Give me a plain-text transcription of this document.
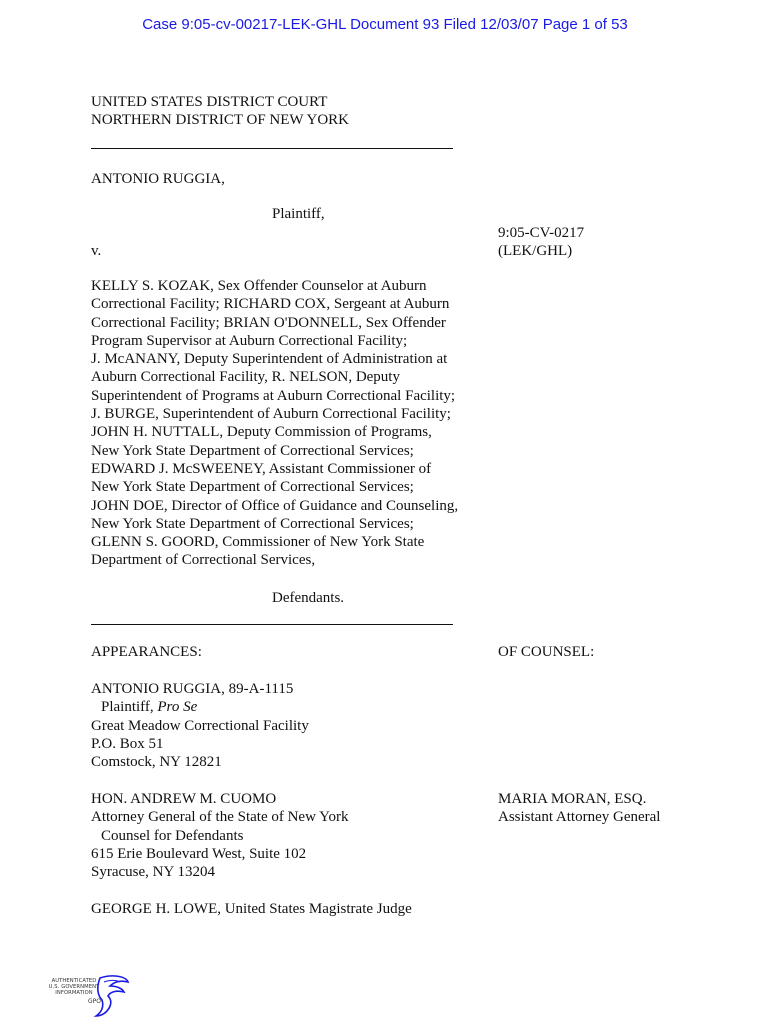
Case 9:05-cv-00217-LEK-GHL Document 93 Filed 12/03/07 Page 1 of 53
UNITED STATES DISTRICT COURT
NORTHERN DISTRICT OF NEW YORK
ANTONIO RUGGIA,
Plaintiff,
9:05-CV-0217
(LEK/GHL)
v.
KELLY S. KOZAK, Sex Offender Counselor at Auburn
Correctional Facility; RICHARD COX, Sergeant at Auburn
Correctional Facility; BRIAN O'DONNELL, Sex Offender
Program Supervisor at Auburn Correctional Facility;
J. McANANY, Deputy Superintendent of Administration at
Auburn Correctional Facility, R. NELSON, Deputy
Superintendent of Programs at Auburn Correctional Facility;
J. BURGE, Superintendent of Auburn Correctional Facility;
JOHN H. NUTTALL, Deputy Commission of Programs,
New York State Department of Correctional Services;
EDWARD J. McSWEENEY, Assistant Commissioner of
New York State Department of Correctional Services;
JOHN DOE, Director of Office of Guidance and Counseling,
New York State Department of Correctional Services;
GLENN S. GOORD, Commissioner of New York State
Department of Correctional Services,
Defendants.
APPEARANCES:	OF COUNSEL:
ANTONIO RUGGIA, 89-A-1115
Plaintiff, Pro Se
Great Meadow Correctional Facility
P.O. Box 51
Comstock, NY 12821
HON. ANDREW M. CUOMO
Attorney General of the State of New York
Counsel for Defendants
615 Erie Boulevard West, Suite 102
Syracuse, NY 13204
MARIA MORAN, ESQ.
Assistant Attorney General
GEORGE H. LOWE, United States Magistrate Judge
AUTHENTICATED
U.S. GOVERNMENT
INFORMATION
GPO
